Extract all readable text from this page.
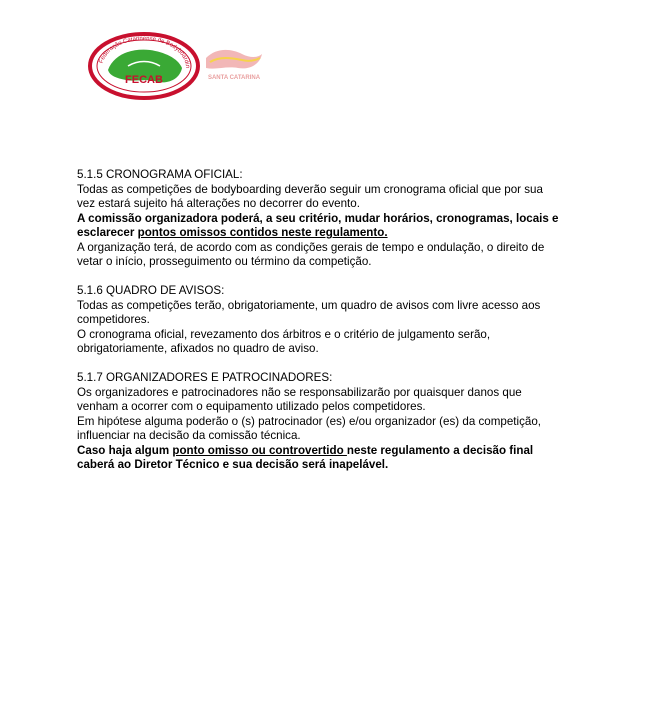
Federação Catarinense de Bodyboardin
FECAB	SANTA CATARINA

5.1.5 CRONOGRAMA OFICIAL:

Todas as competições de bodyboarding deverão seguir um cronograma oficial que por sua

vez estará sujeito há alterações no decorrer do evento.

A comissão organizadora poderá, a seu critério, mudar horários, cronogramas, locais e

esclarecer pontos omissos contidos neste regulamento.

A organização terá, de acordo com as condições gerais de tempo e ondulação, o direito de

vetar o início, prosseguimento ou término da competição.

5.1.6 QUADRO DE AVISOS:

Todas as competições terão, obrigatoriamente, um quadro de avisos com livre acesso aos

competidores.

O cronograma oficial, revezamento dos árbitros e o critério de julgamento serão,

obrigatoriamente, afixados no quadro de aviso.

5.1.7 ORGANIZADORES E PATROCINADORES:

Os organizadores e patrocinadores não se responsabilizarão por quaisquer danos que

venham a ocorrer com o equipamento utilizado pelos competidores.

Em hipótese alguma poderão o (s) patrocinador (es) e/ou organizador (es) da competição,

influenciar na decisão da comissão técnica.

Caso haja algum ponto omisso ou controvertido neste regulamento a decisão final

caberá ao Diretor Técnico e sua decisão será inapelável.
